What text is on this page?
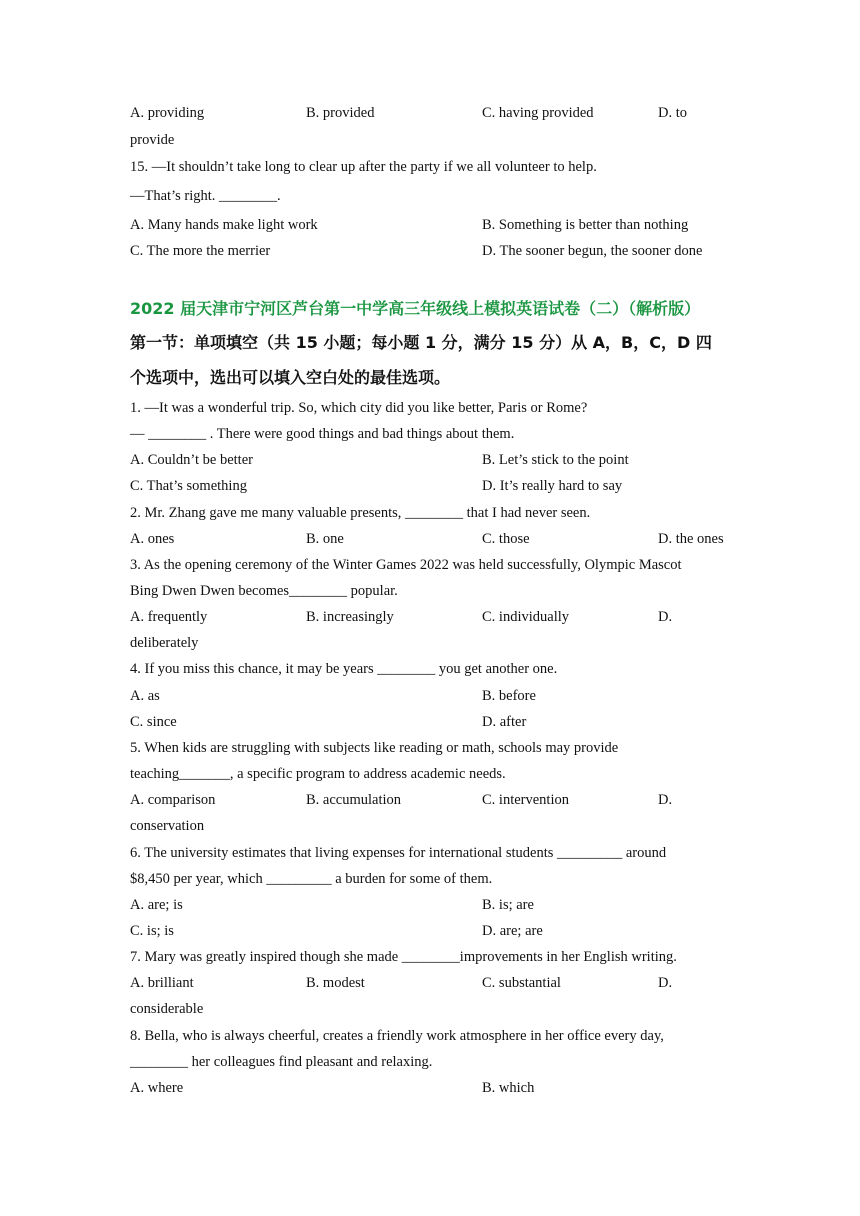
A. providing	B. provided	C. having provided	D. to
provide
15. —It shouldn’t take long to clear up after the party if we all volunteer to help.
—That’s right. ________.
A. Many hands make light work	B. Something is better than nothing
C. The more the merrier	D. The sooner begun, the sooner done
2022 届天津市宁河区芦台第一中学高三年级线上模拟英语试卷（二）（解析版）
第一节：单项填空（共 15 小题；每小题 1 分，满分 15 分）从 A，B，C，D 四
个选项中，选出可以填入空白处的最佳选项。
1. —It was a wonderful trip. So, which city did you like better, Paris or Rome?
— ________ . There were good things and bad things about them.
A. Couldn’t be better	B. Let’s stick to the point
C. That’s something	D. It’s really hard to say
2. Mr. Zhang gave me many valuable presents, ________ that I had never seen.
A. ones	B. one	C. those	D. the ones
3. As the opening ceremony of the Winter Games 2022 was held successfully, Olympic Mascot
Bing Dwen Dwen becomes________ popular.
A. frequently	B. increasingly	C. individually	D.
deliberately
4. If you miss this chance, it may be years ________ you get another one.
A. as	B. before
C. since	D. after
5. When kids are struggling with subjects like reading or math, schools may provide
teaching_______, a specific program to address academic needs.
A. comparison	B. accumulation	C. intervention	D.
conservation
6. The university estimates that living expenses for international students _________ around
$8,450 per year, which _________ a burden for some of them.
A. are; is	B. is; are
C. is; is	D. are; are
7. Mary was greatly inspired though she made ________improvements in her English writing.
A. brilliant	B. modest	C. substantial	D.
considerable
8. Bella, who is always cheerful, creates a friendly work atmosphere in her office every day,
________ her colleagues find pleasant and relaxing.
A. where	B. which
